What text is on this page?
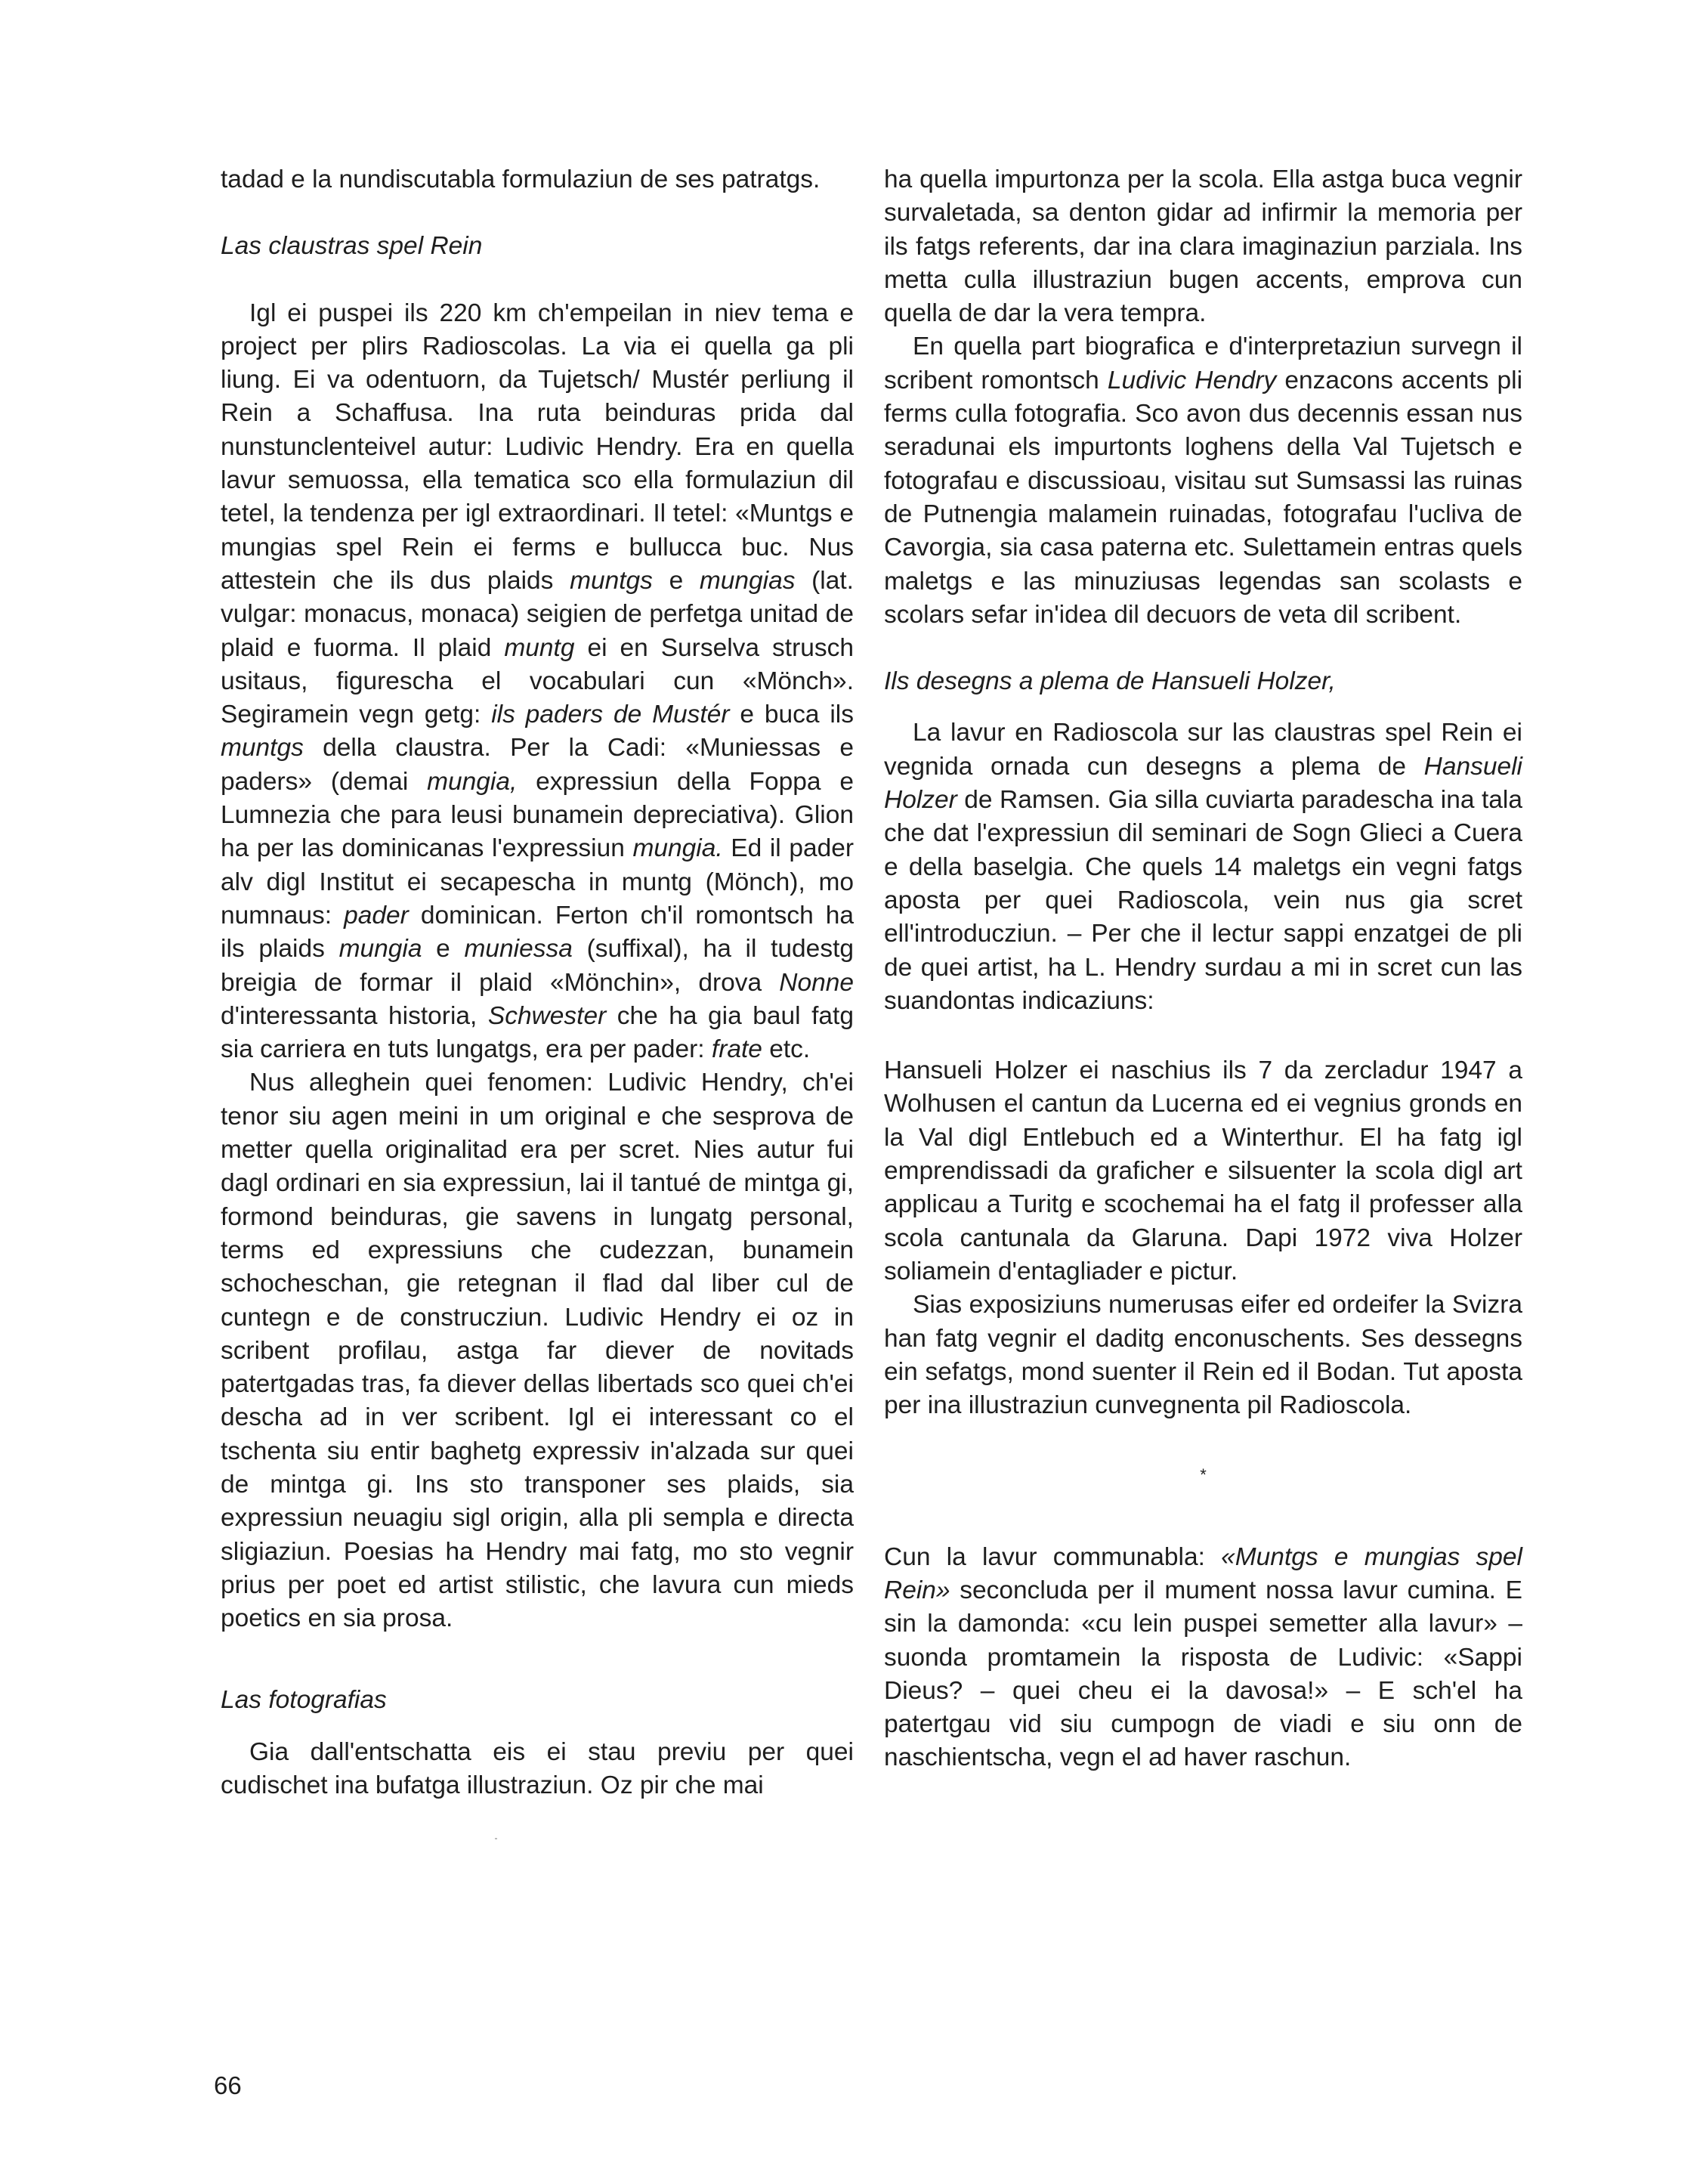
tadad e la nundiscutabla formulaziun de ses patratgs.

Las claustras spel Rein

Igl ei puspei ils 220 km ch'empeilan in niev tema e project per plirs Radioscolas. La via ei quella ga pli liung. Ei va odentuorn, da Tujetsch/ Mustér perliung il Rein a Schaffusa. Ina ruta beinduras prida dal nunstunclenteivel autur: Ludivic Hendry. Era en quella lavur semuossa, ella tematica sco ella formulaziun dil tetel, la tendenza per igl extraordinari. Il tetel: «Muntgs e mungias spel Rein ei ferms e bullucca buc. Nus attestein che ils dus plaids muntgs e mungias (lat. vulgar: monacus, monaca) seigien de perfetga unitad de plaid e fuorma. Il plaid muntg ei en Surselva strusch usitaus, figurescha el vocabulari cun «Mönch». Segiramein vegn getg: ils paders de Mustér e buca ils muntgs della claustra. Per la Cadi: «Muniessas e paders» (demai mungia, expressiun della Foppa e Lumnezia che para leusi bunamein depreciativa). Glion ha per las dominicanas l'expressiun mungia. Ed il pader alv digl Institut ei secapescha in muntg (Mönch), mo numnaus: pader dominican. Ferton ch'il romontsch ha ils plaids mungia e muniessa (suffixal), ha il tudestg breigia de formar il plaid «Mönchin», drova Nonne d'interessanta historia, Schwester che ha gia baul fatg sia carriera en tuts lungatgs, era per pader: frate etc.

Nus alleghein quei fenomen: Ludivic Hendry, ch'ei tenor siu agen meini in um original e che sesprova de metter quella originalitad era per scret. Nies autur fui dagl ordinari en sia expressiun, lai il tantué de mintga gi, formond beinduras, gie savens in lungatg personal, terms ed expressiuns che cudezzan, bunamein schocheschan, gie retegnan il flad dal liber cul de cuntegn e de construcziun. Ludivic Hendry ei oz in scribent profilau, astga far diever de novitads patertgadas tras, fa diever dellas libertads sco quei ch'ei descha ad in ver scribent. Igl ei interessant co el tschenta siu entir baghetg expressiv in'alzada sur quei de mintga gi. Ins sto transponer ses plaids, sia expressiun neuagiu sigl origin, alla pli sempla e directa sligiaziun. Poesias ha Hendry mai fatg, mo sto vegnir prius per poet ed artist stilistic, che lavura cun mieds poetics en sia prosa.

Las fotografias

Gia dall'entschatta eis ei stau previu per quei cudischet ina bufatga illustraziun. Oz pir che mai

ha quella impurtonza per la scola. Ella astga buca vegnir survaletada, sa denton gidar ad infirmir la memoria per ils fatgs referents, dar ina clara imaginaziun parziala. Ins metta culla illustraziun bugen accents, emprova cun quella de dar la vera tempra.

En quella part biografica e d'interpretaziun survegn il scribent romontsch Ludivic Hendry enzacons accents pli ferms culla fotografia. Sco avon dus decennis essan nus seradunai els impurtonts loghens della Val Tujetsch e fotografau e discussioau, visitau sut Sumsassi las ruinas de Putnengia malamein ruinadas, fotografau l'ucliva de Cavorgia, sia casa paterna etc. Sulettamein entras quels maletgs e las minuziusas legendas san scolasts e scolars sefar in'idea dil decuors de veta dil scribent.

Ils desegns a plema de Hansueli Holzer,

La lavur en Radioscola sur las claustras spel Rein ei vegnida ornada cun desegns a plema de Hansueli Holzer de Ramsen. Gia silla cuviarta paradescha ina tala che dat l'expressiun dil seminari de Sogn Glieci a Cuera e della baselgia. Che quels 14 maletgs ein vegni fatgs aposta per quei Radioscola, vein nus gia scret ell'introducziun. – Per che il lectur sappi enzatgei de pli de quei artist, ha L. Hendry surdau a mi in scret cun las suandontas indicaziuns:

Hansueli Holzer ei naschius ils 7 da zercladur 1947 a Wolhusen el cantun da Lucerna ed ei vegnius gronds en la Val digl Entlebuch ed a Winterthur. El ha fatg igl emprendissadi da graficher e silsuenter la scola digl art applicau a Turitg e scochemai ha el fatg il professer alla scola cantunala da Glaruna. Dapi 1972 viva Holzer soliamein d'entagliader e pictur.

Sias exposiziuns numerusas eifer ed ordeifer la Svizra han fatg vegnir el daditg enconuschents. Ses dessegns ein sefatgs, mond suenter il Rein ed il Bodan. Tut aposta per ina illustraziun cunvegnenta pil Radioscola.

*

Cun la lavur communabla: «Muntgs e mungias spel Rein» seconcluda per il mument nossa lavur cumina. E sin la damonda: «cu lein puspei semetter alla lavur» – suonda promtamein la risposta de Ludivic: «Sappi Dieus? – quei cheu ei la davosa!» – E sch'el ha patertgau vid siu cumpogn de viadi e siu onn de naschientscha, vegn el ad haver raschun.

66
